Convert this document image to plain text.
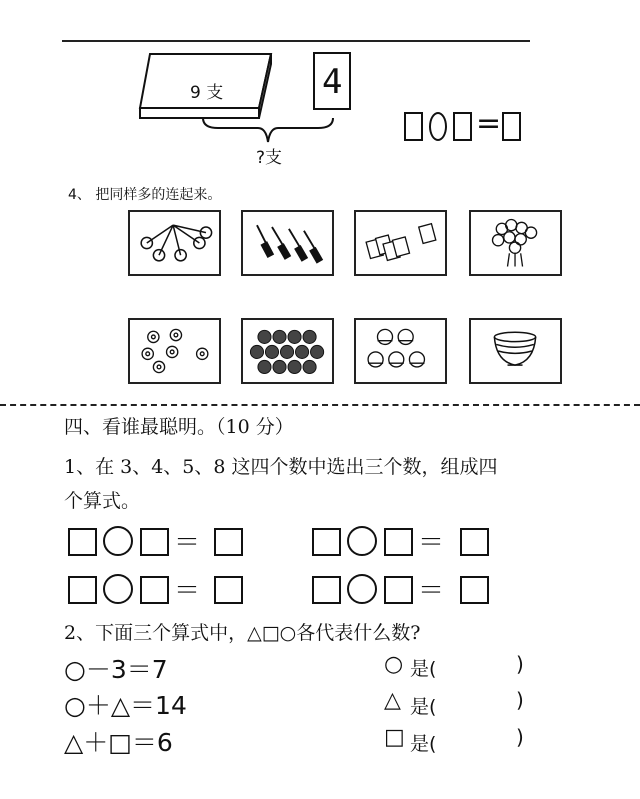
9 支	4
?支
=
4、 把同样多的连起来。
四、看谁最聪明。（10 分）
1、在 3、4、5、8 这四个数中选出三个数，组成四
个算式。
＝	＝
＝	＝
2、下面三个算式中，△□○各代表什么数?
○－3＝7
○＋△＝14
△＋□＝6
○ 是(	)
△ 是(	)
□ 是(	)
